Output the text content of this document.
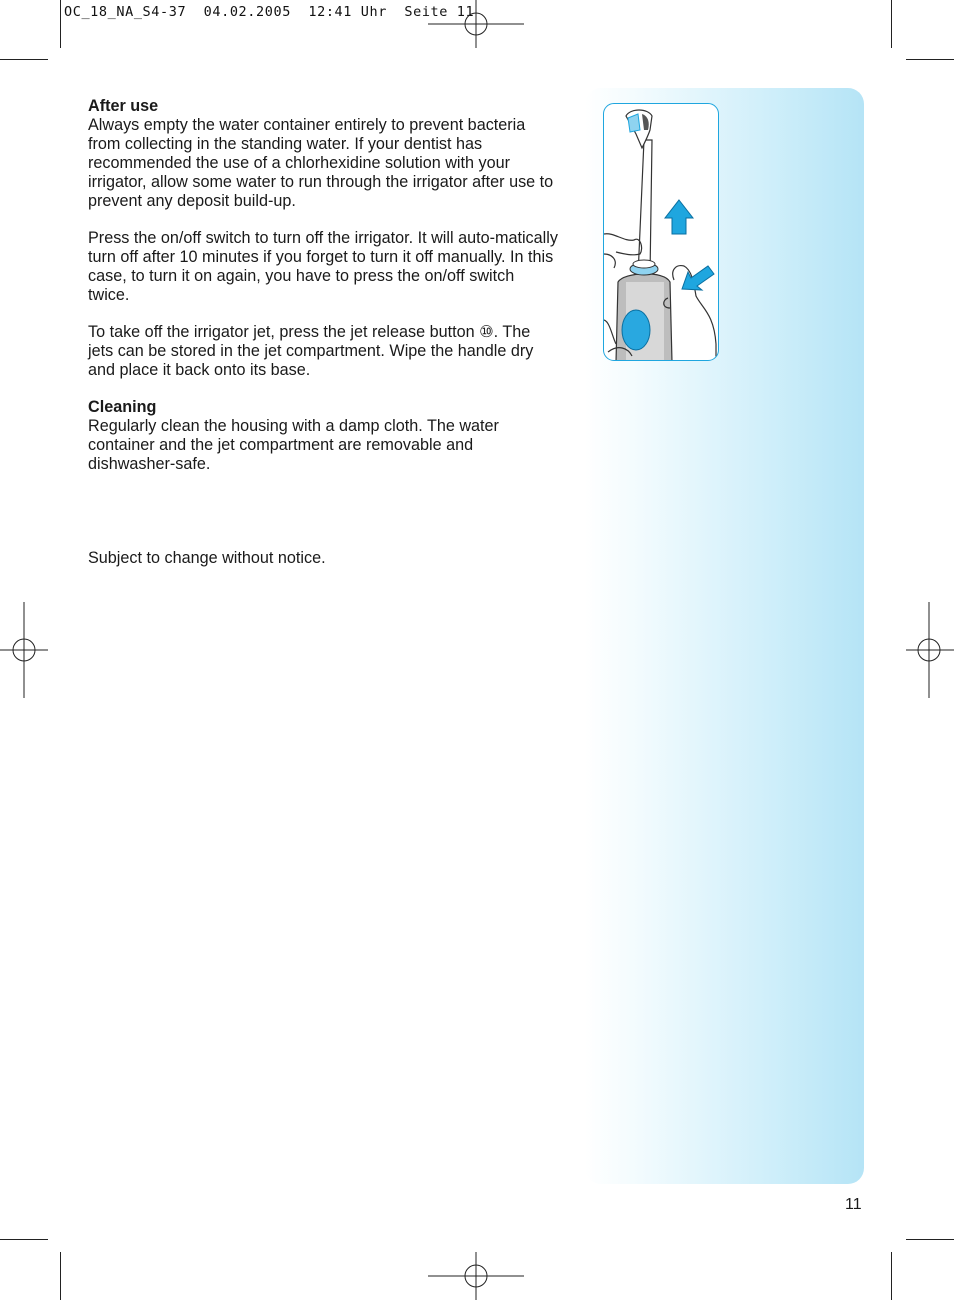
OC_18_NA_S4-37  04.02.2005  12:41 Uhr  Seite 11
After use

Always empty the water container entirely to prevent bacteria from collecting in the standing water. If your dentist has recommended the use of a chlorhexidine solution with your irrigator, allow some water to run through the irrigator after use to prevent any deposit build-up.

Press the on/off switch to turn off the irrigator. It will auto-matically turn off after 10 minutes if you forget to turn it off manually. In this case, to turn it on again, you have to press the on/off switch twice.

To take off the irrigator jet, press the jet release button ⑩. The jets can be stored in the jet compartment. Wipe the handle dry and place it back onto its base.

Cleaning

Regularly clean the housing with a damp cloth. The water container and the jet compartment are removable and dishwasher-safe.

Subject to change without notice.
11
